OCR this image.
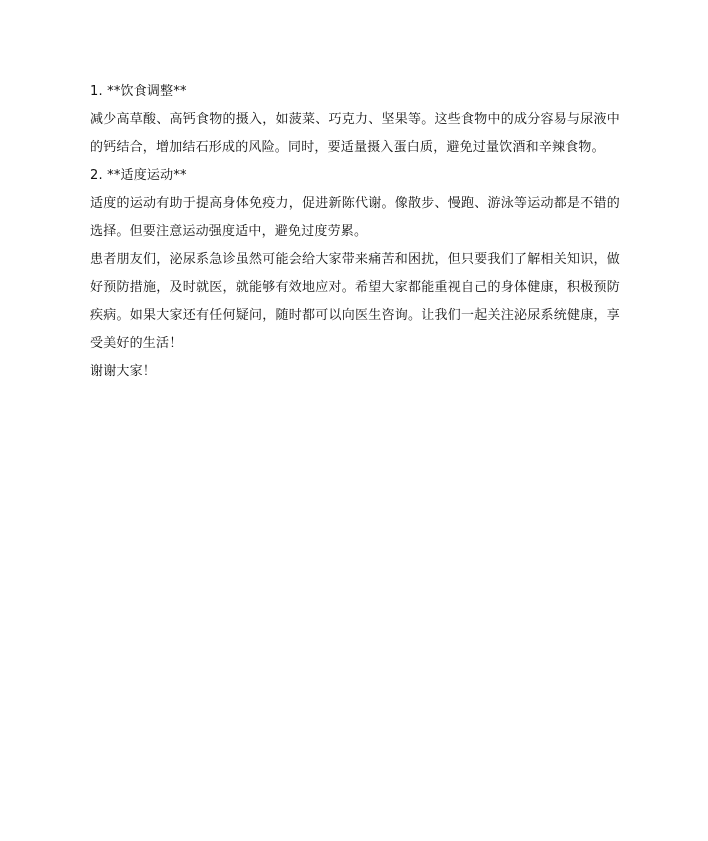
1. **饮食调整**
减少高草酸、高钙食物的摄入，如菠菜、巧克力、坚果等。这些食物中的成分容易与尿液中的钙结合，增加结石形成的风险。同时，要适量摄入蛋白质，避免过量饮酒和辛辣食物。
2. **适度运动**
适度的运动有助于提高身体免疫力，促进新陈代谢。像散步、慢跑、游泳等运动都是不错的选择。但要注意运动强度适中，避免过度劳累。
患者朋友们，泌尿系急诊虽然可能会给大家带来痛苦和困扰，但只要我们了解相关知识，做好预防措施，及时就医，就能够有效地应对。希望大家都能重视自己的身体健康，积极预防疾病。如果大家还有任何疑问，随时都可以向医生咨询。让我们一起关注泌尿系统健康，享受美好的生活！
谢谢大家！
